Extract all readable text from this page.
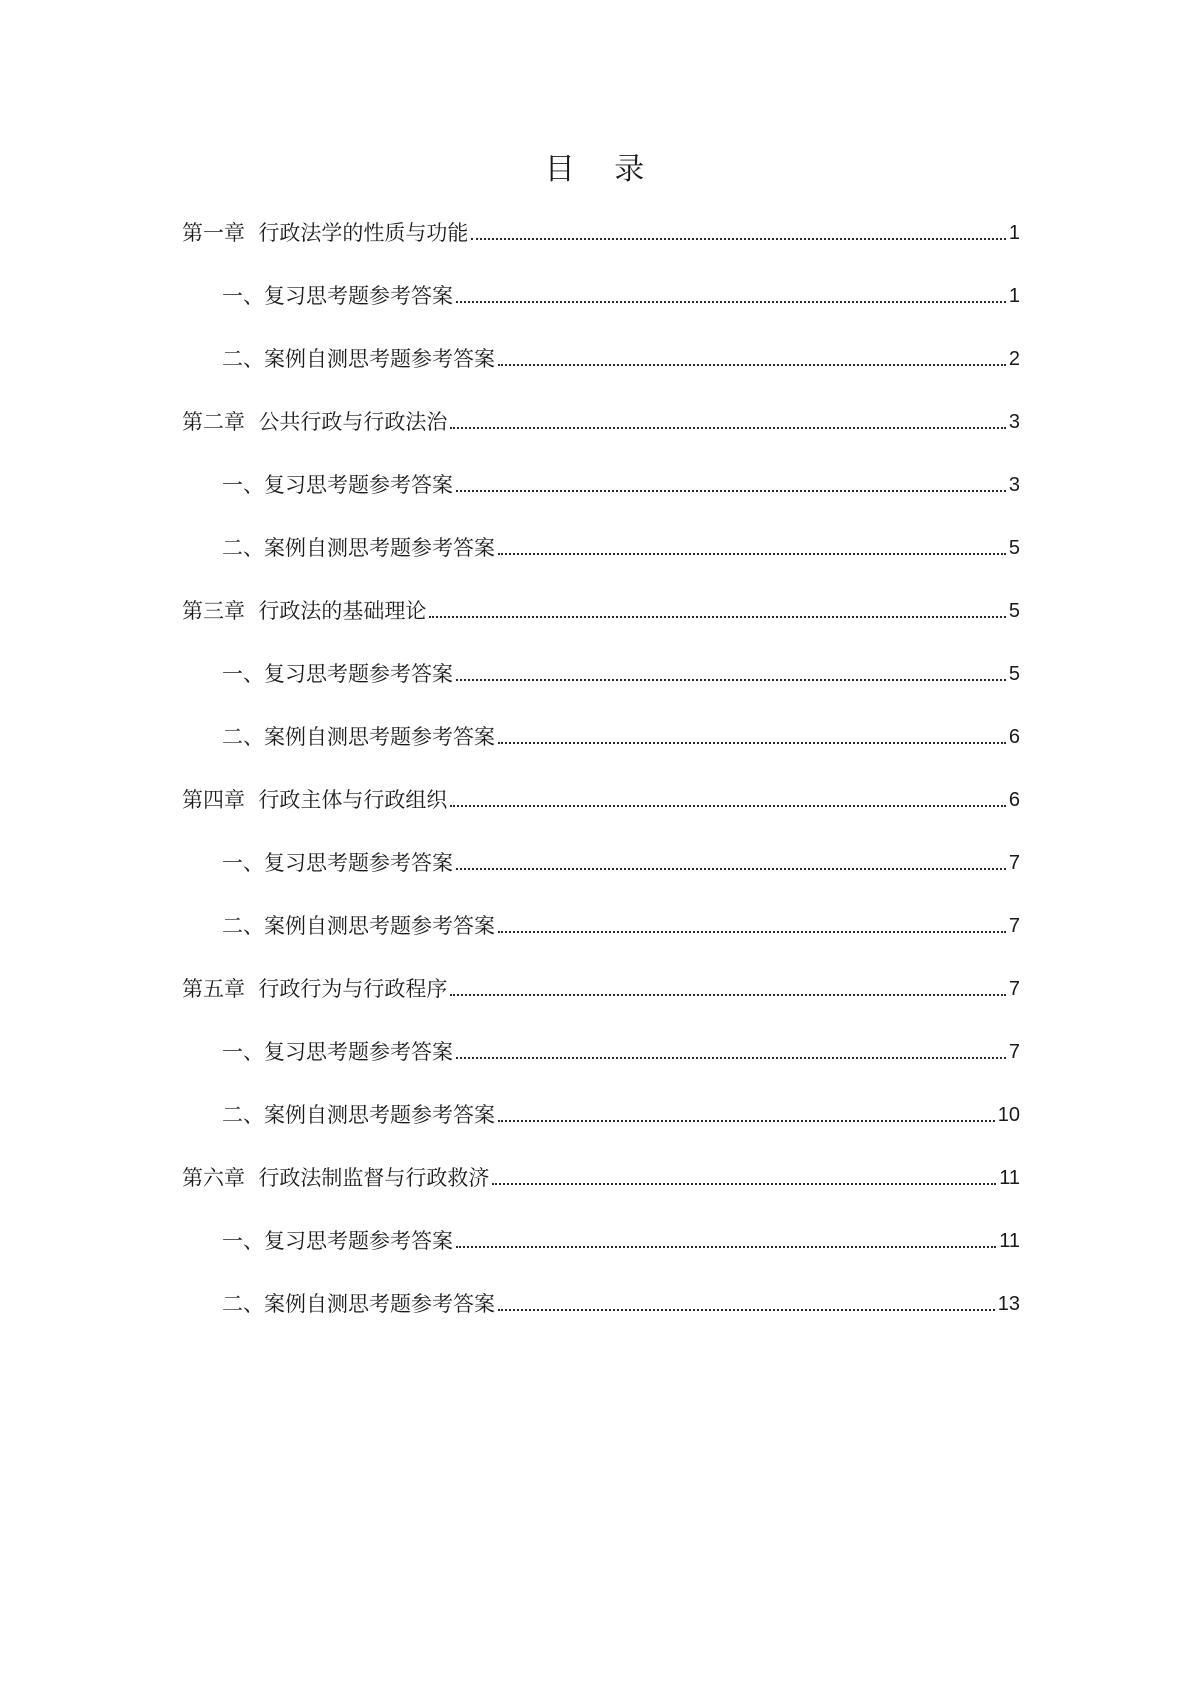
目 录
第一章  行政法学的性质与功能	1
一、复习思考题参考答案	1
二、案例自测思考题参考答案	2
第二章  公共行政与行政法治	3
一、复习思考题参考答案	3
二、案例自测思考题参考答案	5
第三章  行政法的基础理论	5
一、复习思考题参考答案	5
二、案例自测思考题参考答案	6
第四章  行政主体与行政组织	6
一、复习思考题参考答案	7
二、案例自测思考题参考答案	7
第五章  行政行为与行政程序	7
一、复习思考题参考答案	7
二、案例自测思考题参考答案	10
第六章  行政法制监督与行政救济	11
一、复习思考题参考答案	11
二、案例自测思考题参考答案	13
